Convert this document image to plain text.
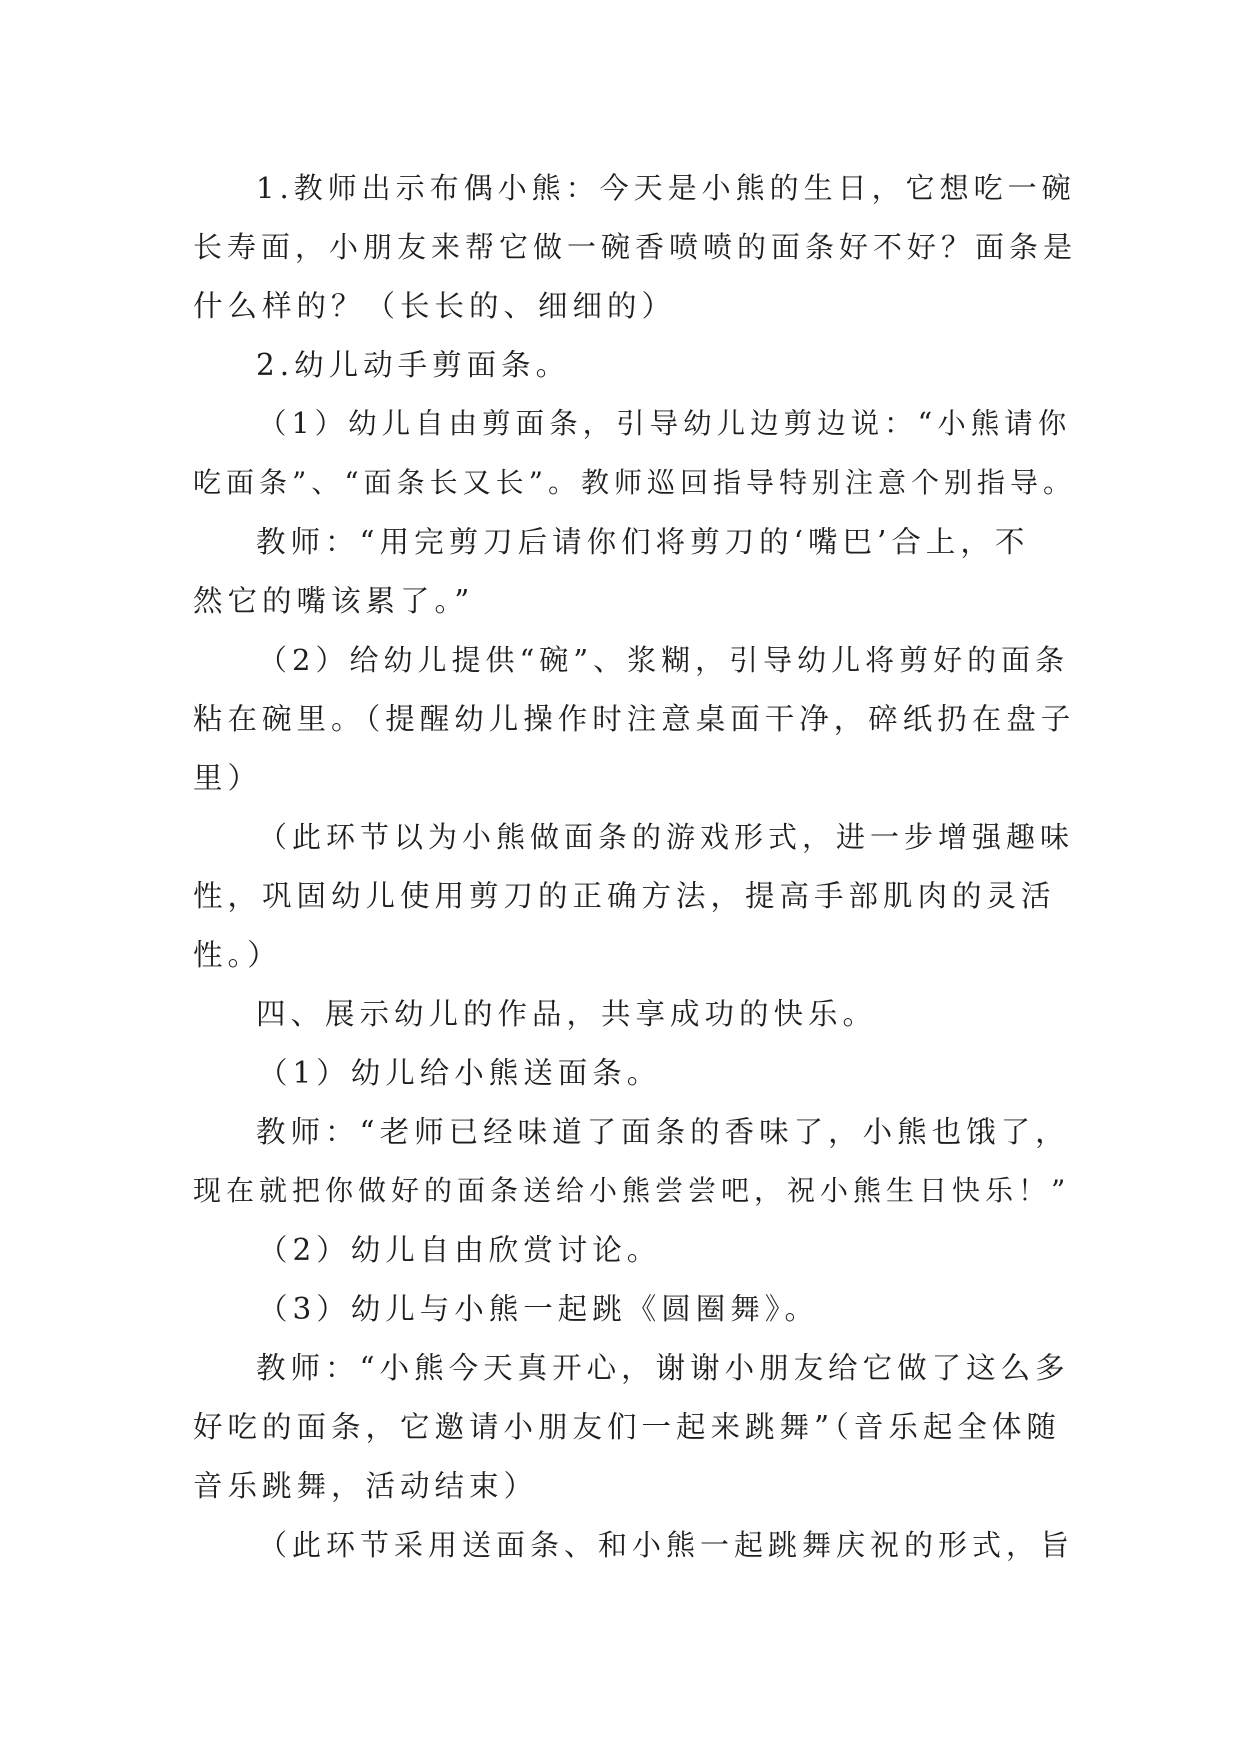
1.教师出示布偶小熊：今天是小熊的生日，它想吃一碗
长寿面，小朋友来帮它做一碗香喷喷的面条好不好？面条是
什么样的？（长长的、细细的）
2.幼儿动手剪面条。
（1）幼儿自由剪面条，引导幼儿边剪边说：“小熊请你
吃面条”、“面条长又长”。教师巡回指导特别注意个别指导。
教师：“用完剪刀后请你们将剪刀的‘嘴巴’合上，不
然它的嘴该累了。”
（2）给幼儿提供“碗”、浆糊，引导幼儿将剪好的面条
粘在碗里。（提醒幼儿操作时注意桌面干净，碎纸扔在盘子
里）
（此环节以为小熊做面条的游戏形式，进一步增强趣味
性，巩固幼儿使用剪刀的正确方法，提高手部肌肉的灵活
性。）
四、展示幼儿的作品，共享成功的快乐。
（1）幼儿给小熊送面条。
教师：“老师已经味道了面条的香味了，小熊也饿了，
现在就把你做好的面条送给小熊尝尝吧，祝小熊生日快乐！”
（2）幼儿自由欣赏讨论。
（3）幼儿与小熊一起跳《圆圈舞》。
教师：“小熊今天真开心，谢谢小朋友给它做了这么多
好吃的面条，它邀请小朋友们一起来跳舞”（音乐起全体随
音乐跳舞，活动结束）
（此环节采用送面条、和小熊一起跳舞庆祝的形式，旨
